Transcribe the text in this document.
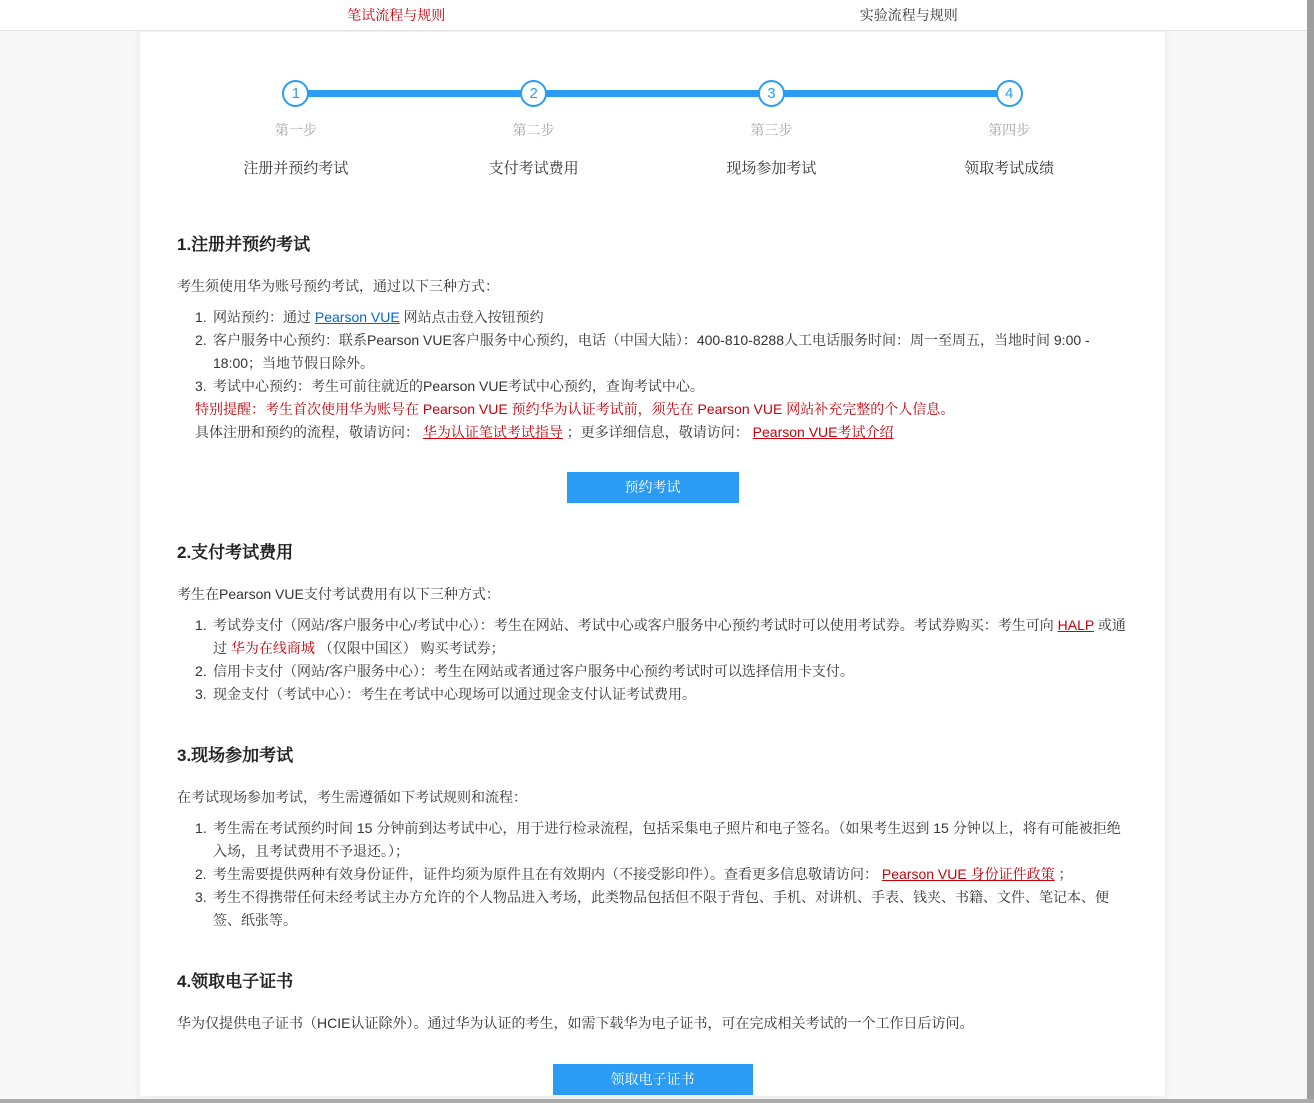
笔试流程与规则	实验流程与规则
1
第一步
注册并预约考试
2
第二步
支付考试费用
3
第三步
现场参加考试
4
第四步
领取考试成绩
1.注册并预约考试
考生须使用华为账号预约考试，通过以下三种方式：
1. 网站预约：通过 Pearson VUE 网站点击登入按钮预约
2. 客户服务中心预约：联系Pearson VUE客户服务中心预约，电话（中国大陆）：400-810-8288人工电话服务时间：周一至周五，当地时间 9:00 - 18:00；当地节假日除外。
3. 考试中心预约：考生可前往就近的Pearson VUE考试中心预约，查询考试中心。
特别提醒：考生首次使用华为账号在 Pearson VUE 预约华为认证考试前，须先在 Pearson VUE 网站补充完整的个人信息。
具体注册和预约的流程，敬请访问： 华为认证笔试考试指导 ；更多详细信息，敬请访问： Pearson VUE考试介绍
预约考试
2.支付考试费用
考生在Pearson VUE支付考试费用有以下三种方式：
1. 考试券支付（网站/客户服务中心/考试中心）：考生在网站、考试中心或客户服务中心预约考试时可以使用考试券。考试券购买：考生可向 HALP 或通过 华为在线商城 （仅限中国区） 购买考试券；
2. 信用卡支付（网站/客户服务中心）：考生在网站或者通过客户服务中心预约考试时可以选择信用卡支付。
3. 现金支付（考试中心）：考生在考试中心现场可以通过现金支付认证考试费用。
3.现场参加考试
在考试现场参加考试，考生需遵循如下考试规则和流程：
1. 考生需在考试预约时间 15 分钟前到达考试中心，用于进行检录流程，包括采集电子照片和电子签名。（如果考生迟到 15 分钟以上，将有可能被拒绝入场，且考试费用不予退还。）；
2. 考生需要提供两种有效身份证件，证件均须为原件且在有效期内（不接受影印件）。查看更多信息敬请访问： Pearson VUE 身份证件政策 ；
3. 考生不得携带任何未经考试主办方允许的个人物品进入考场，此类物品包括但不限于背包、手机、对讲机、手表、钱夹、书籍、文件、笔记本、便签、纸张等。
4.领取电子证书
华为仅提供电子证书（HCIE认证除外）。通过华为认证的考生，如需下载华为电子证书，可在完成相关考试的一个工作日后访问。
领取电子证书
